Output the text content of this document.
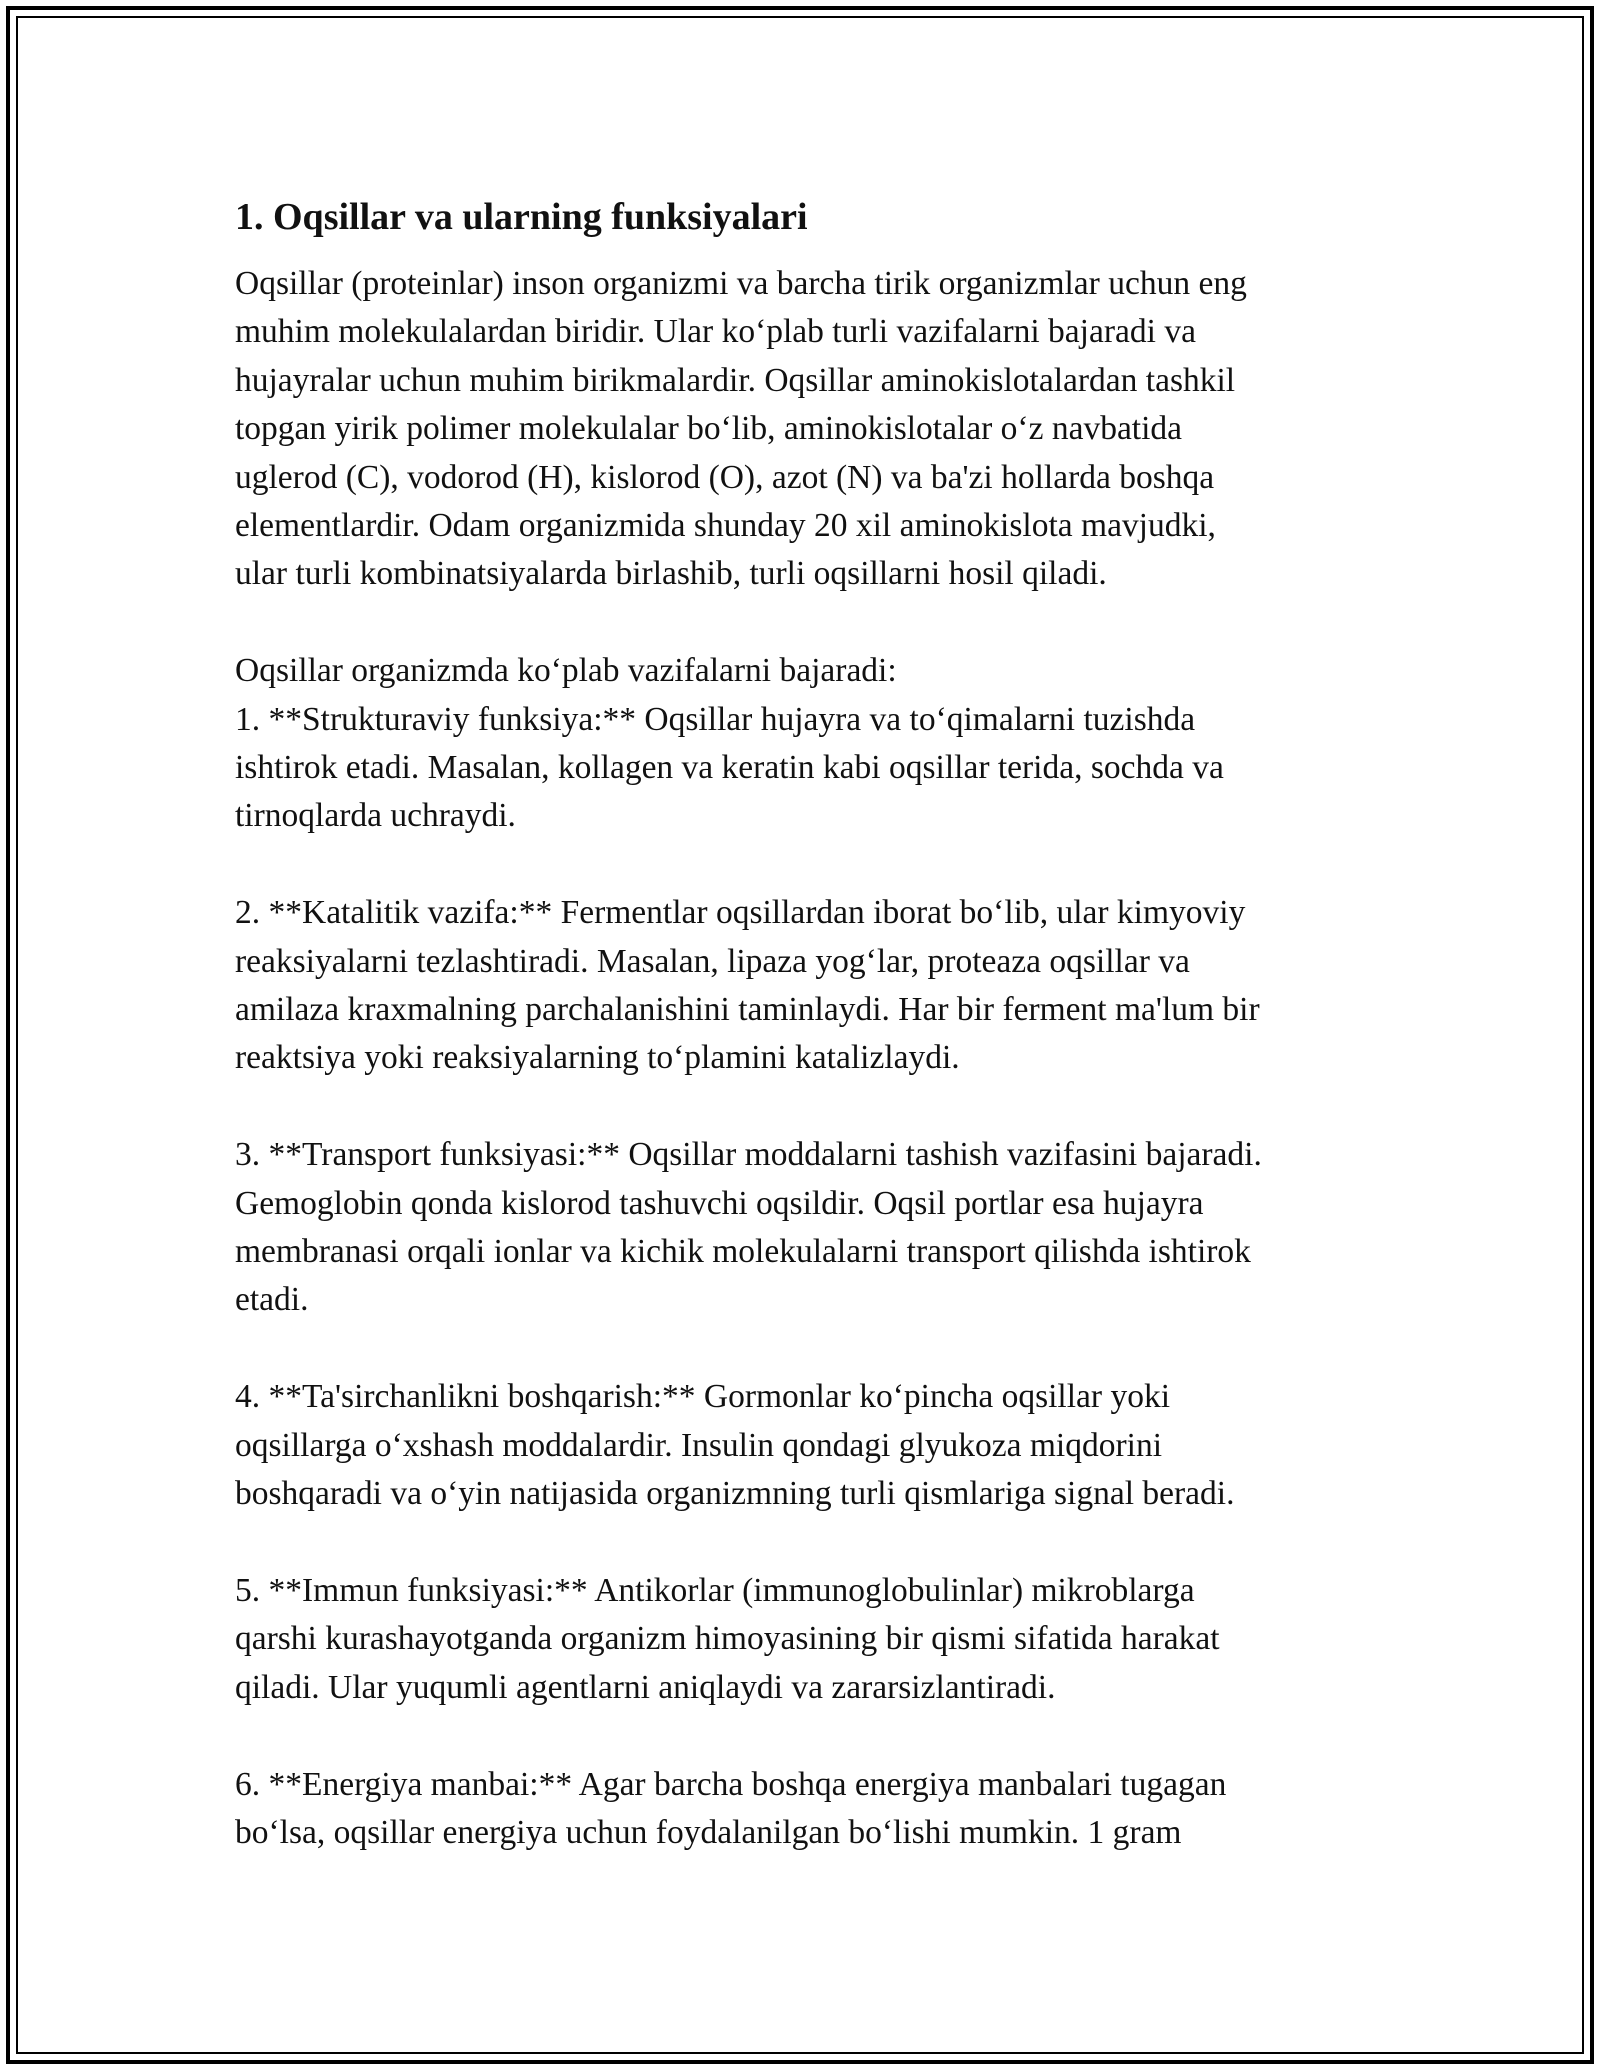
1. Oqsillar va ularning funksiyalari

Oqsillar (proteinlar) inson organizmi va barcha tirik organizmlar uchun eng
muhim molekulalardan biridir. Ular ko‘plab turli vazifalarni bajaradi va
hujayralar uchun muhim birikmalardir. Oqsillar aminokislotalardan tashkil
topgan yirik polimer molekulalar bo‘lib, aminokislotalar o‘z navbatida
uglerod (C), vodorod (H), kislorod (O), azot (N) va ba'zi hollarda boshqa
elementlardir. Odam organizmida shunday 20 xil aminokislota mavjudki,
ular turli kombinatsiyalarda birlashib, turli oqsillarni hosil qiladi.

Oqsillar organizmda ko‘plab vazifalarni bajaradi:

1. **Strukturaviy funksiya:** Oqsillar hujayra va to‘qimalarni tuzishda
ishtirok etadi. Masalan, kollagen va keratin kabi oqsillar terida, sochda va
tirnoqlarda uchraydi.

2. **Katalitik vazifa:** Fermentlar oqsillardan iborat bo‘lib, ular kimyoviy
reaksiyalarni tezlashtiradi. Masalan, lipaza yog‘lar, proteaza oqsillar va
amilaza kraxmalning parchalanishini taminlaydi. Har bir ferment ma'lum bir
reaktsiya yoki reaksiyalarning to‘plamini katalizlaydi.

3. **Transport funksiyasi:** Oqsillar moddalarni tashish vazifasini bajaradi.
Gemoglobin qonda kislorod tashuvchi oqsildir. Oqsil portlar esa hujayra
membranasi orqali ionlar va kichik molekulalarni transport qilishda ishtirok
etadi.

4. **Ta'sirchanlikni boshqarish:** Gormonlar ko‘pincha oqsillar yoki
oqsillarga o‘xshash moddalardir. Insulin qondagi glyukoza miqdorini
boshqaradi va o‘yin natijasida organizmning turli qismlariga signal beradi.

5. **Immun funksiyasi:** Antikorlar (immunoglobulinlar) mikroblarga
qarshi kurashayotganda organizm himoyasining bir qismi sifatida harakat
qiladi. Ular yuqumli agentlarni aniqlaydi va zararsizlantiradi.

6. **Energiya manbai:** Agar barcha boshqa energiya manbalari tugagan
bo‘lsa, oqsillar energiya uchun foydalanilgan bo‘lishi mumkin. 1 gram
